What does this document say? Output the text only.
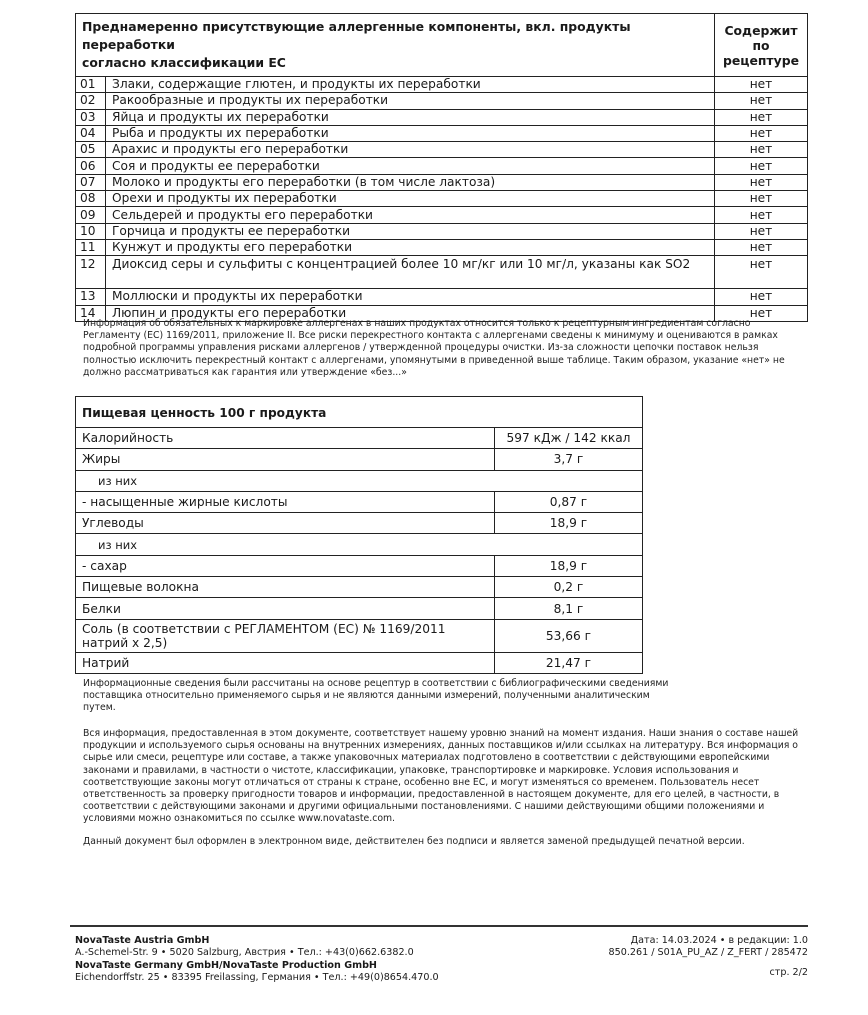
Преднамеренно присутствующие аллергенные компоненты, вкл. продукты переработки
согласно классификации ЕС		Содержит по рецептуре
01	Злаки, содержащие глютен, и продукты их переработки	нет
02	Ракообразные и продукты их переработки	нет
03	Яйца и продукты их переработки	нет
04	Рыба и продукты их переработки	нет
05	Арахис и продукты его переработки	нет
06	Соя и продукты ее переработки	нет
07	Молоко и продукты его переработки (в том числе лактоза)	нет
08	Орехи и продукты их переработки	нет
09	Сельдерей и продукты его переработки	нет
10	Горчица и продукты ее переработки	нет
11	Кунжут и продукты его переработки	нет
12	Диоксид серы и сульфиты с концентрацией более 10 мг/кг или 10 мг/л, указаны как SO2	нет
13	Моллюски и продукты их переработки	нет
14	Люпин и продукты его переработки	нет

Информация об обязательных к маркировке аллергенах в наших продуктах относится только к рецептурным ингредиентам согласно Регламенту (ЕС) 1169/2011, приложение II. Все риски перекрестного контакта с аллергенами сведены к минимуму и оцениваются в рамках подробной программы управления рисками аллергенов / утвержденной процедуры очистки. Из-за сложности цепочки поставок нельзя полностью исключить перекрестный контакт с аллергенами, упомянутыми в приведенной выше таблице. Таким образом, указание «нет» не должно рассматриваться как гарантия или утверждение «без...»

Пищевая ценность 100 г продукта	
Калорийность	597 кДж / 142 ккал
Жиры	3,7 г
из них	
- насыщенные жирные кислоты	0,87 г
Углеводы	18,9 г
из них	
- сахар	18,9 г
Пищевые волокна	0,2 г
Белки	8,1 г
Соль (в соответствии с РЕГЛАМЕНТОМ (ЕС) № 1169/2011 натрий x 2,5)	53,66 г
Натрий	21,47 г

Информационные сведения были рассчитаны на основе рецептур в соответствии с библиографическими сведениями поставщика относительно применяемого сырья и не являются данными измерений, полученными аналитическим путем.

Вся информация, предоставленная в этом документе, соответствует нашему уровню знаний на момент издания. Наши знания о составе нашей продукции и используемого сырья основаны на внутренних измерениях, данных поставщиков и/или ссылках на литературу. Вся информация о сырье или смеси, рецептуре или составе, а также упаковочных материалах подготовлено в соответствии с действующими европейскими законами и правилами, в частности о чистоте, классификации, упаковке, транспортировке и маркировке. Условия использования и соответствующие законы могут отличаться от страны к стране, особенно вне ЕС, и могут изменяться со временем. Пользователь несет ответственность за проверку пригодности товаров и информации, предоставленной в настоящем документе, для его целей, в частности, в соответствии с действующими законами и другими официальными постановлениями. С нашими действующими общими положениями и условиями можно ознакомиться по ссылке www.novataste.com.

Данный документ был оформлен в электронном виде, действителен без подписи и является заменой предыдущей печатной версии.

NovaTaste Austria GmbH
A.-Schemel-Str. 9 • 5020 Salzburg, Австрия • Тел.: +43(0)662.6382.0
NovaTaste Germany GmbH/NovaTaste Production GmbH
Eichendorffstr. 25 • 83395 Freilassing, Германия • Тел.: +49(0)8654.470.0
Дата: 14.03.2024 • в редакции: 1.0
850.261 / S01A_PU_AZ / Z_FERT / 285472
стр. 2/2
